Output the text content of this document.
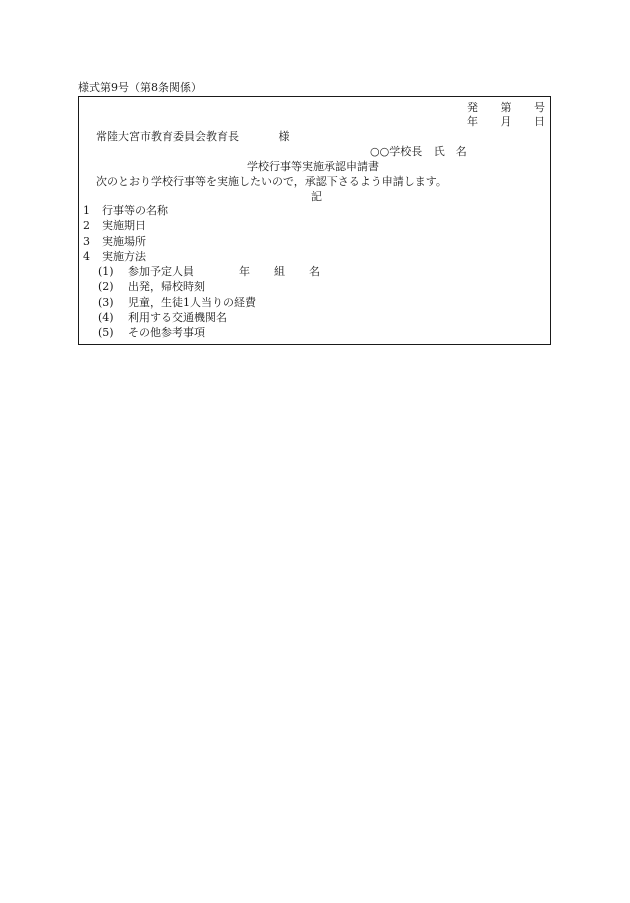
様式第9号（第8条関係）
発 第 号
年 月 日
常陸大宮市教育委員会教育長	様
○○学校長 氏　名
学校行事等実施承認申請書
次のとおり学校行事等を実施したいので，承認下さるよう申請します。
記
1	行事等の名称
2	実施期日
3	実施場所
4	実施方法
(1)	参加予定人員	年 組 名
(2)	出発，帰校時刻
(3)	児童，生徒1人当りの経費
(4)	利用する交通機関名
(5)	その他参考事項
